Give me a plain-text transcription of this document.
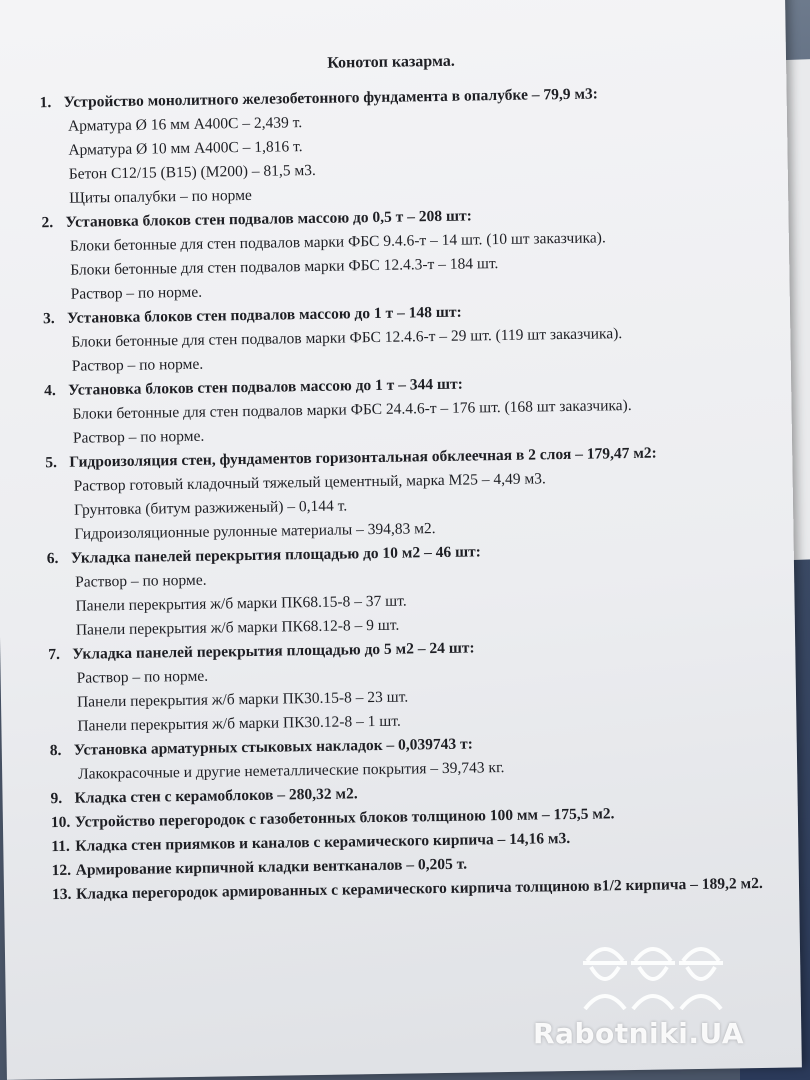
Конотоп казарма.
1. Устройство монолитного железобетонного фундамента в опалубке – 79,9 м3:
Арматура Ø 16 мм А400С – 2,439 т.
Арматура Ø 10 мм А400С – 1,816 т.
Бетон С12/15 (В15) (М200) – 81,5 м3.
Щиты опалубки – по норме
2. Установка блоков стен подвалов массою до 0,5 т – 208 шт:
Блоки бетонные для стен подвалов марки ФБС 9.4.6-т – 14 шт. (10 шт заказчика).
Блоки бетонные для стен подвалов марки ФБС 12.4.3-т – 184 шт.
Раствор – по норме.
3. Установка блоков стен подвалов массою до 1 т – 148 шт:
Блоки бетонные для стен подвалов марки ФБС 12.4.6-т – 29 шт. (119 шт заказчика).
Раствор – по норме.
4. Установка блоков стен подвалов массою до 1 т – 344 шт:
Блоки бетонные для стен подвалов марки ФБС 24.4.6-т – 176 шт. (168 шт заказчика).
Раствор – по норме.
5. Гидроизоляция стен, фундаментов горизонтальная обклеечная в 2 слоя – 179,47 м2:
Раствор готовый кладочный тяжелый цементный, марка М25 – 4,49 м3.
Грунтовка (битум разжиженый) – 0,144 т.
Гидроизоляционные рулонные материалы – 394,83 м2.
6. Укладка панелей перекрытия площадью до 10 м2 – 46 шт:
Раствор – по норме.
Панели перекрытия ж/б марки ПК68.15-8 – 37 шт.
Панели перекрытия ж/б марки ПК68.12-8 – 9 шт.
7. Укладка панелей перекрытия площадью до 5 м2 – 24 шт:
Раствор – по норме.
Панели перекрытия ж/б марки ПК30.15-8 – 23 шт.
Панели перекрытия ж/б марки ПК30.12-8 – 1 шт.
8. Установка арматурных стыковых накладок – 0,039743 т:
Лакокрасочные и другие неметаллические покрытия – 39,743 кг.
9. Кладка стен с керамоблоков – 280,32 м2.
10. Устройство перегородок с газобетонных блоков толщиною 100 мм – 175,5 м2.
11. Кладка стен приямков и каналов с керамического кирпича – 14,16 м3.
12. Армирование кирпичной кладки вентканалов – 0,205 т.
13. Кладка перегородок армированных с керамического кирпича толщиною в1/2 кирпича – 189,2 м2.
Rabotniki.UA
